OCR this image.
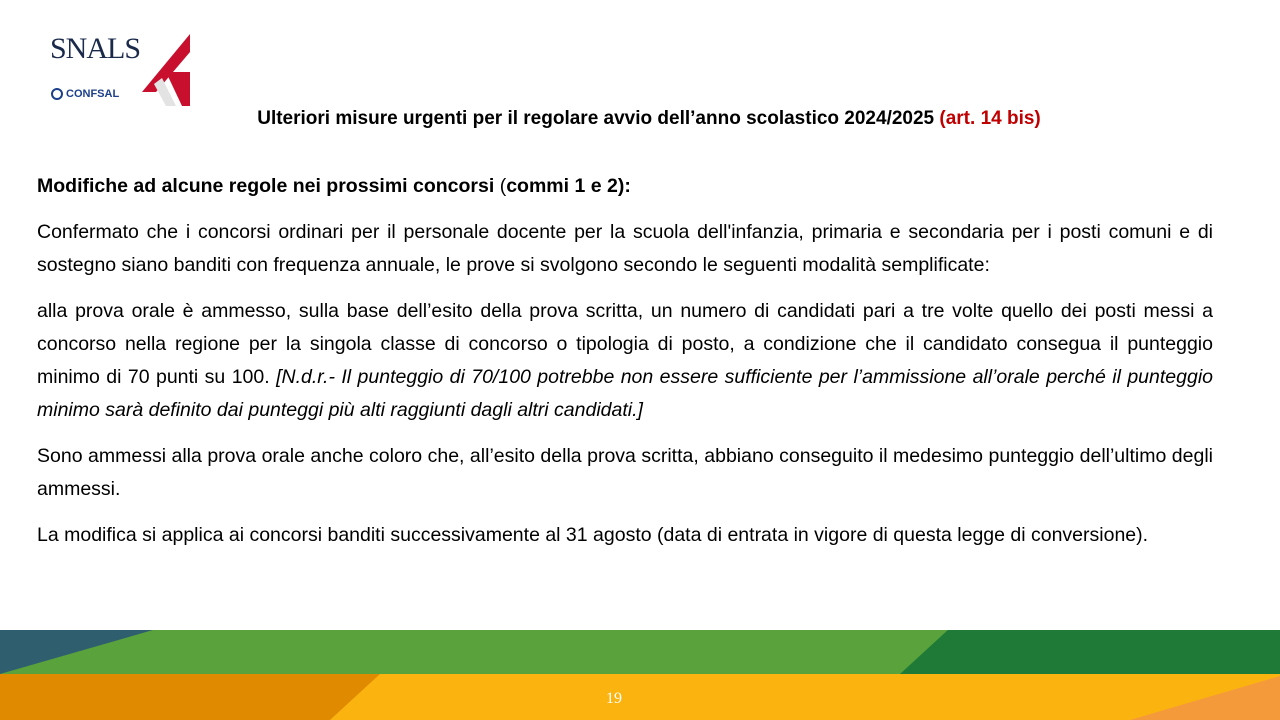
SNALS
CONFSAL
Ulteriori misure urgenti per il regolare avvio dell’anno scolastico 2024/2025 (art. 14 bis)

Modifiche ad alcune regole nei prossimi concorsi (commi 1 e 2):

Confermato che i concorsi ordinari per il personale docente per la scuola dell'infanzia, primaria e secondaria per i posti comuni e di sostegno siano banditi con frequenza annuale, le prove si svolgono secondo le seguenti modalità semplificate:

alla prova orale è ammesso, sulla base dell’esito della prova scritta, un numero di candidati pari a tre volte quello dei posti messi a concorso nella regione per la singola classe di concorso o tipologia di posto, a condizione che il candidato consegua il punteggio minimo di 70 punti su 100. [N.d.r.- Il punteggio di 70/100 potrebbe non essere sufficiente per l’ammissione all’orale perché il punteggio minimo sarà definito dai punteggi più alti raggiunti dagli altri candidati.]

Sono ammessi alla prova orale anche coloro che, all’esito della prova scritta, abbiano conseguito il medesimo punteggio dell’ultimo degli ammessi.

La modifica si applica ai concorsi banditi successivamente al 31 agosto (data di entrata in vigore di questa legge di conversione).

19
